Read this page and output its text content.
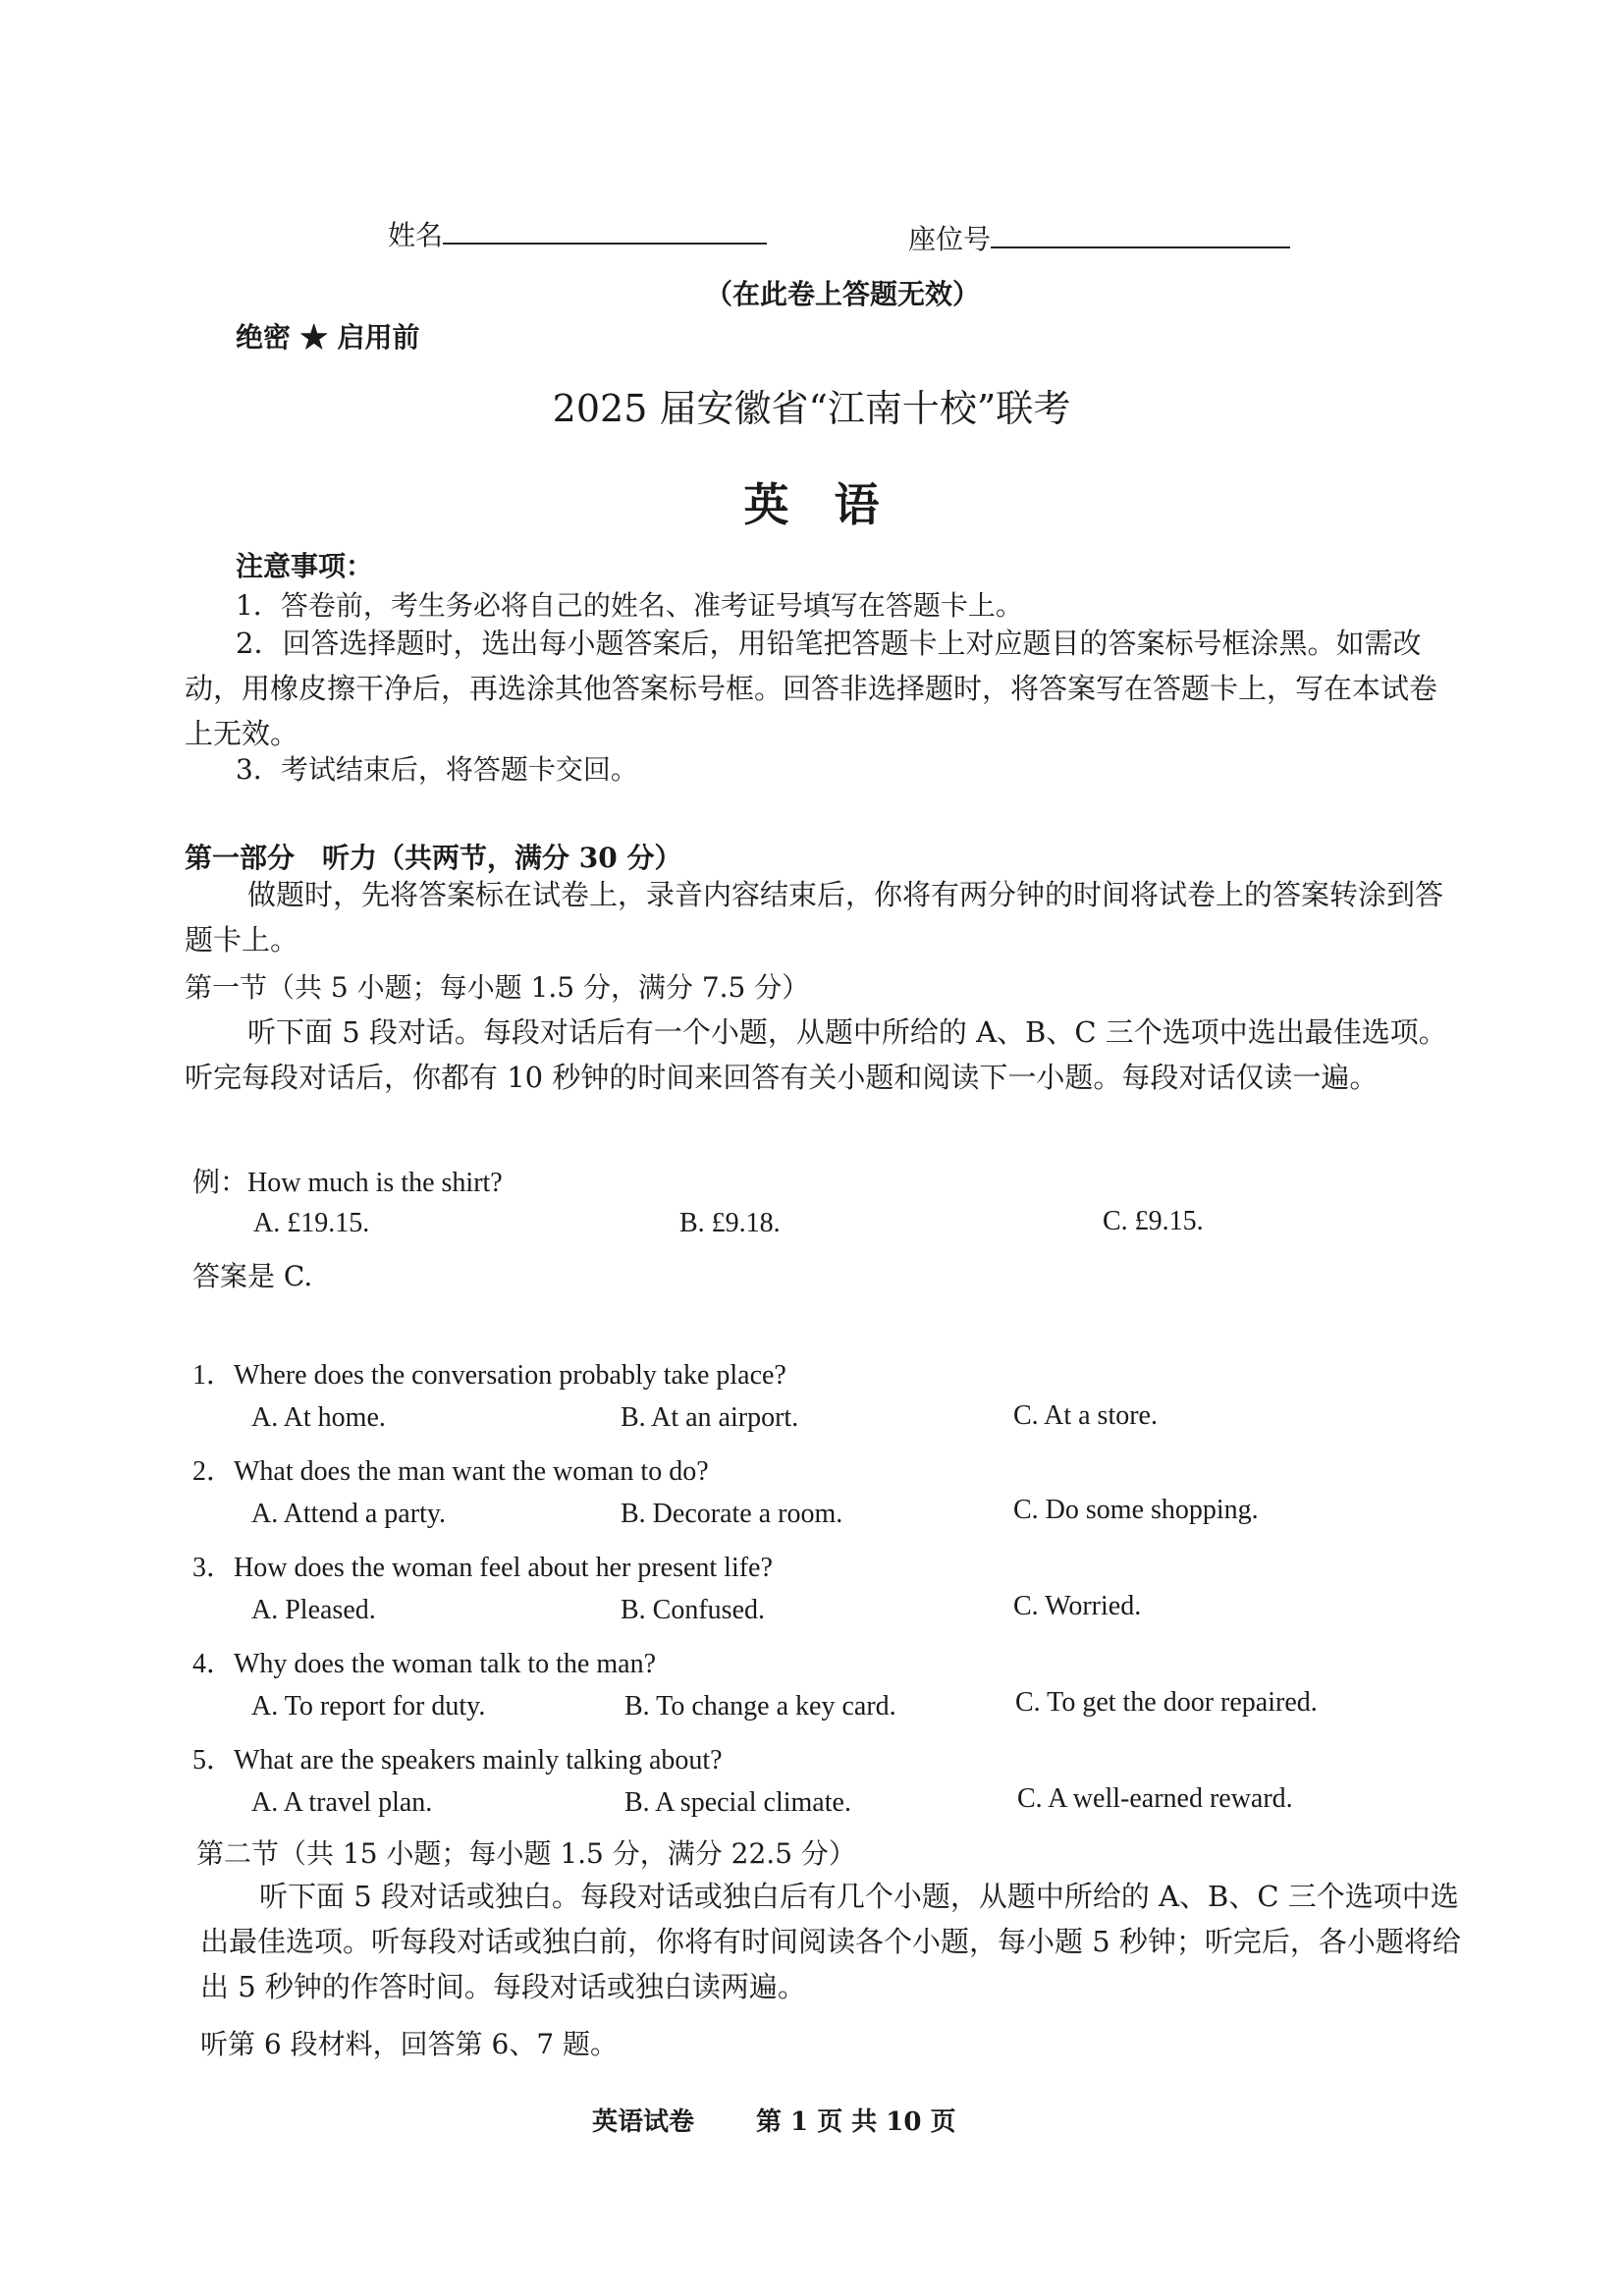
姓名	座位号
（在此卷上答题无效）
绝密 ★ 启用前
2025 届安徽省“江南十校”联考
英　语
注意事项：
1．答卷前，考生务必将自己的姓名、准考证号填写在答题卡上。
2．回答选择题时，选出每小题答案后，用铅笔把答题卡上对应题目的答案标号框涂黑。如需改动，用橡皮擦干净后，再选涂其他答案标号框。回答非选择题时，将答案写在答题卡上，写在本试卷上无效。
3．考试结束后，将答题卡交回。
第一部分　听力（共两节，满分 30 分）
做题时，先将答案标在试卷上，录音内容结束后，你将有两分钟的时间将试卷上的答案转涂到答题卡上。
第一节（共 5 小题；每小题 1.5 分，满分 7.5 分）
听下面 5 段对话。每段对话后有一个小题，从题中所给的 A、B、C 三个选项中选出最佳选项。听完每段对话后，你都有 10 秒钟的时间来回答有关小题和阅读下一小题。每段对话仅读一遍。
例：How much is the shirt?
A. £19.15.	B. £9.18.	C. £9.15.
答案是 C.
1．Where does the conversation probably take place?
A. At home.	B. At an airport.	C. At a store.
2．What does the man want the woman to do?
A. Attend a party.	B. Decorate a room.	C. Do some shopping.
3．How does the woman feel about her present life?
A. Pleased.	B. Confused.	C. Worried.
4．Why does the woman talk to the man?
A. To report for duty.	B. To change a key card.	C. To get the door repaired.
5．What are the speakers mainly talking about?
A. A travel plan.	B. A special climate.	C. A well-earned reward.
第二节（共 15 小题；每小题 1.5 分，满分 22.5 分）
听下面 5 段对话或独白。每段对话或独白后有几个小题，从题中所给的 A、B、C 三个选项中选出最佳选项。听每段对话或独白前，你将有时间阅读各个小题，每小题 5 秒钟；听完后，各小题将给出 5 秒钟的作答时间。每段对话或独白读两遍。
听第 6 段材料，回答第 6、7 题。
英语试卷 第 1 页 共 10 页
